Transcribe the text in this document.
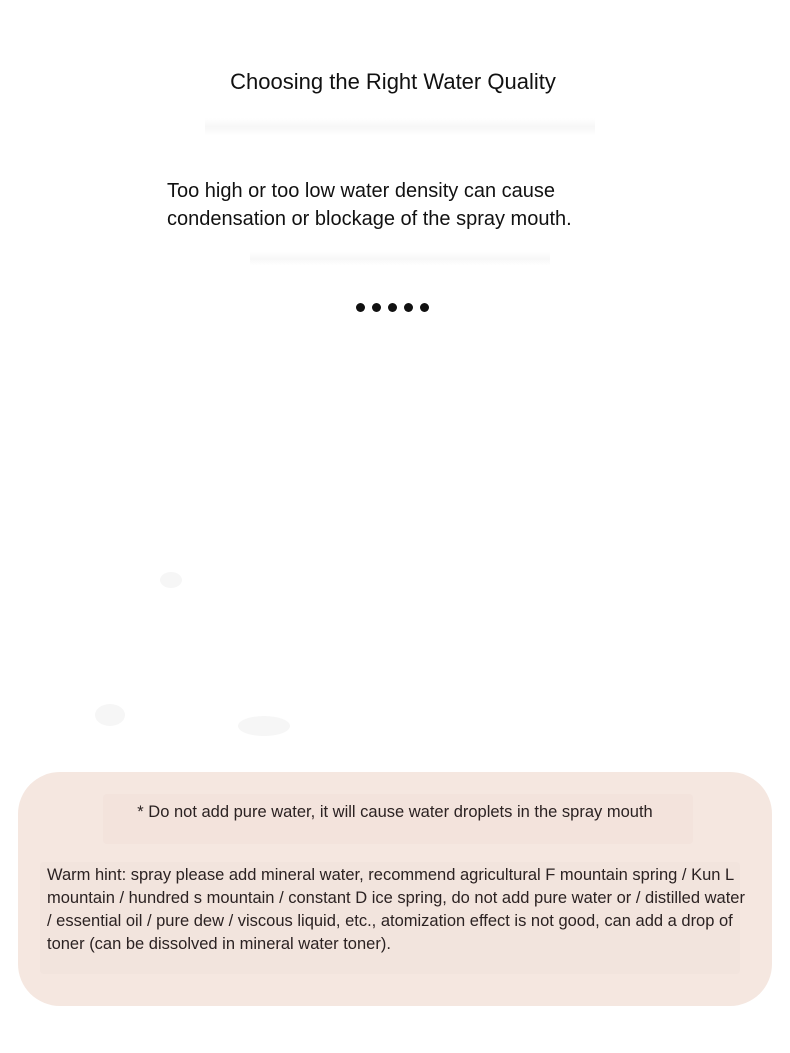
Choosing the Right Water Quality
Too high or too low water density can cause condensation or blockage of the spray mouth.
* Do not add pure water, it will cause water droplets in the spray mouth
Warm hint: spray please add mineral water, recommend agricultural F mountain spring / Kun L mountain / hundred s mountain / constant D ice spring, do not add pure water or / distilled water / essential oil / pure dew / viscous liquid, etc., atomization effect is not good, can add a drop of toner (can be dissolved in mineral water toner).
